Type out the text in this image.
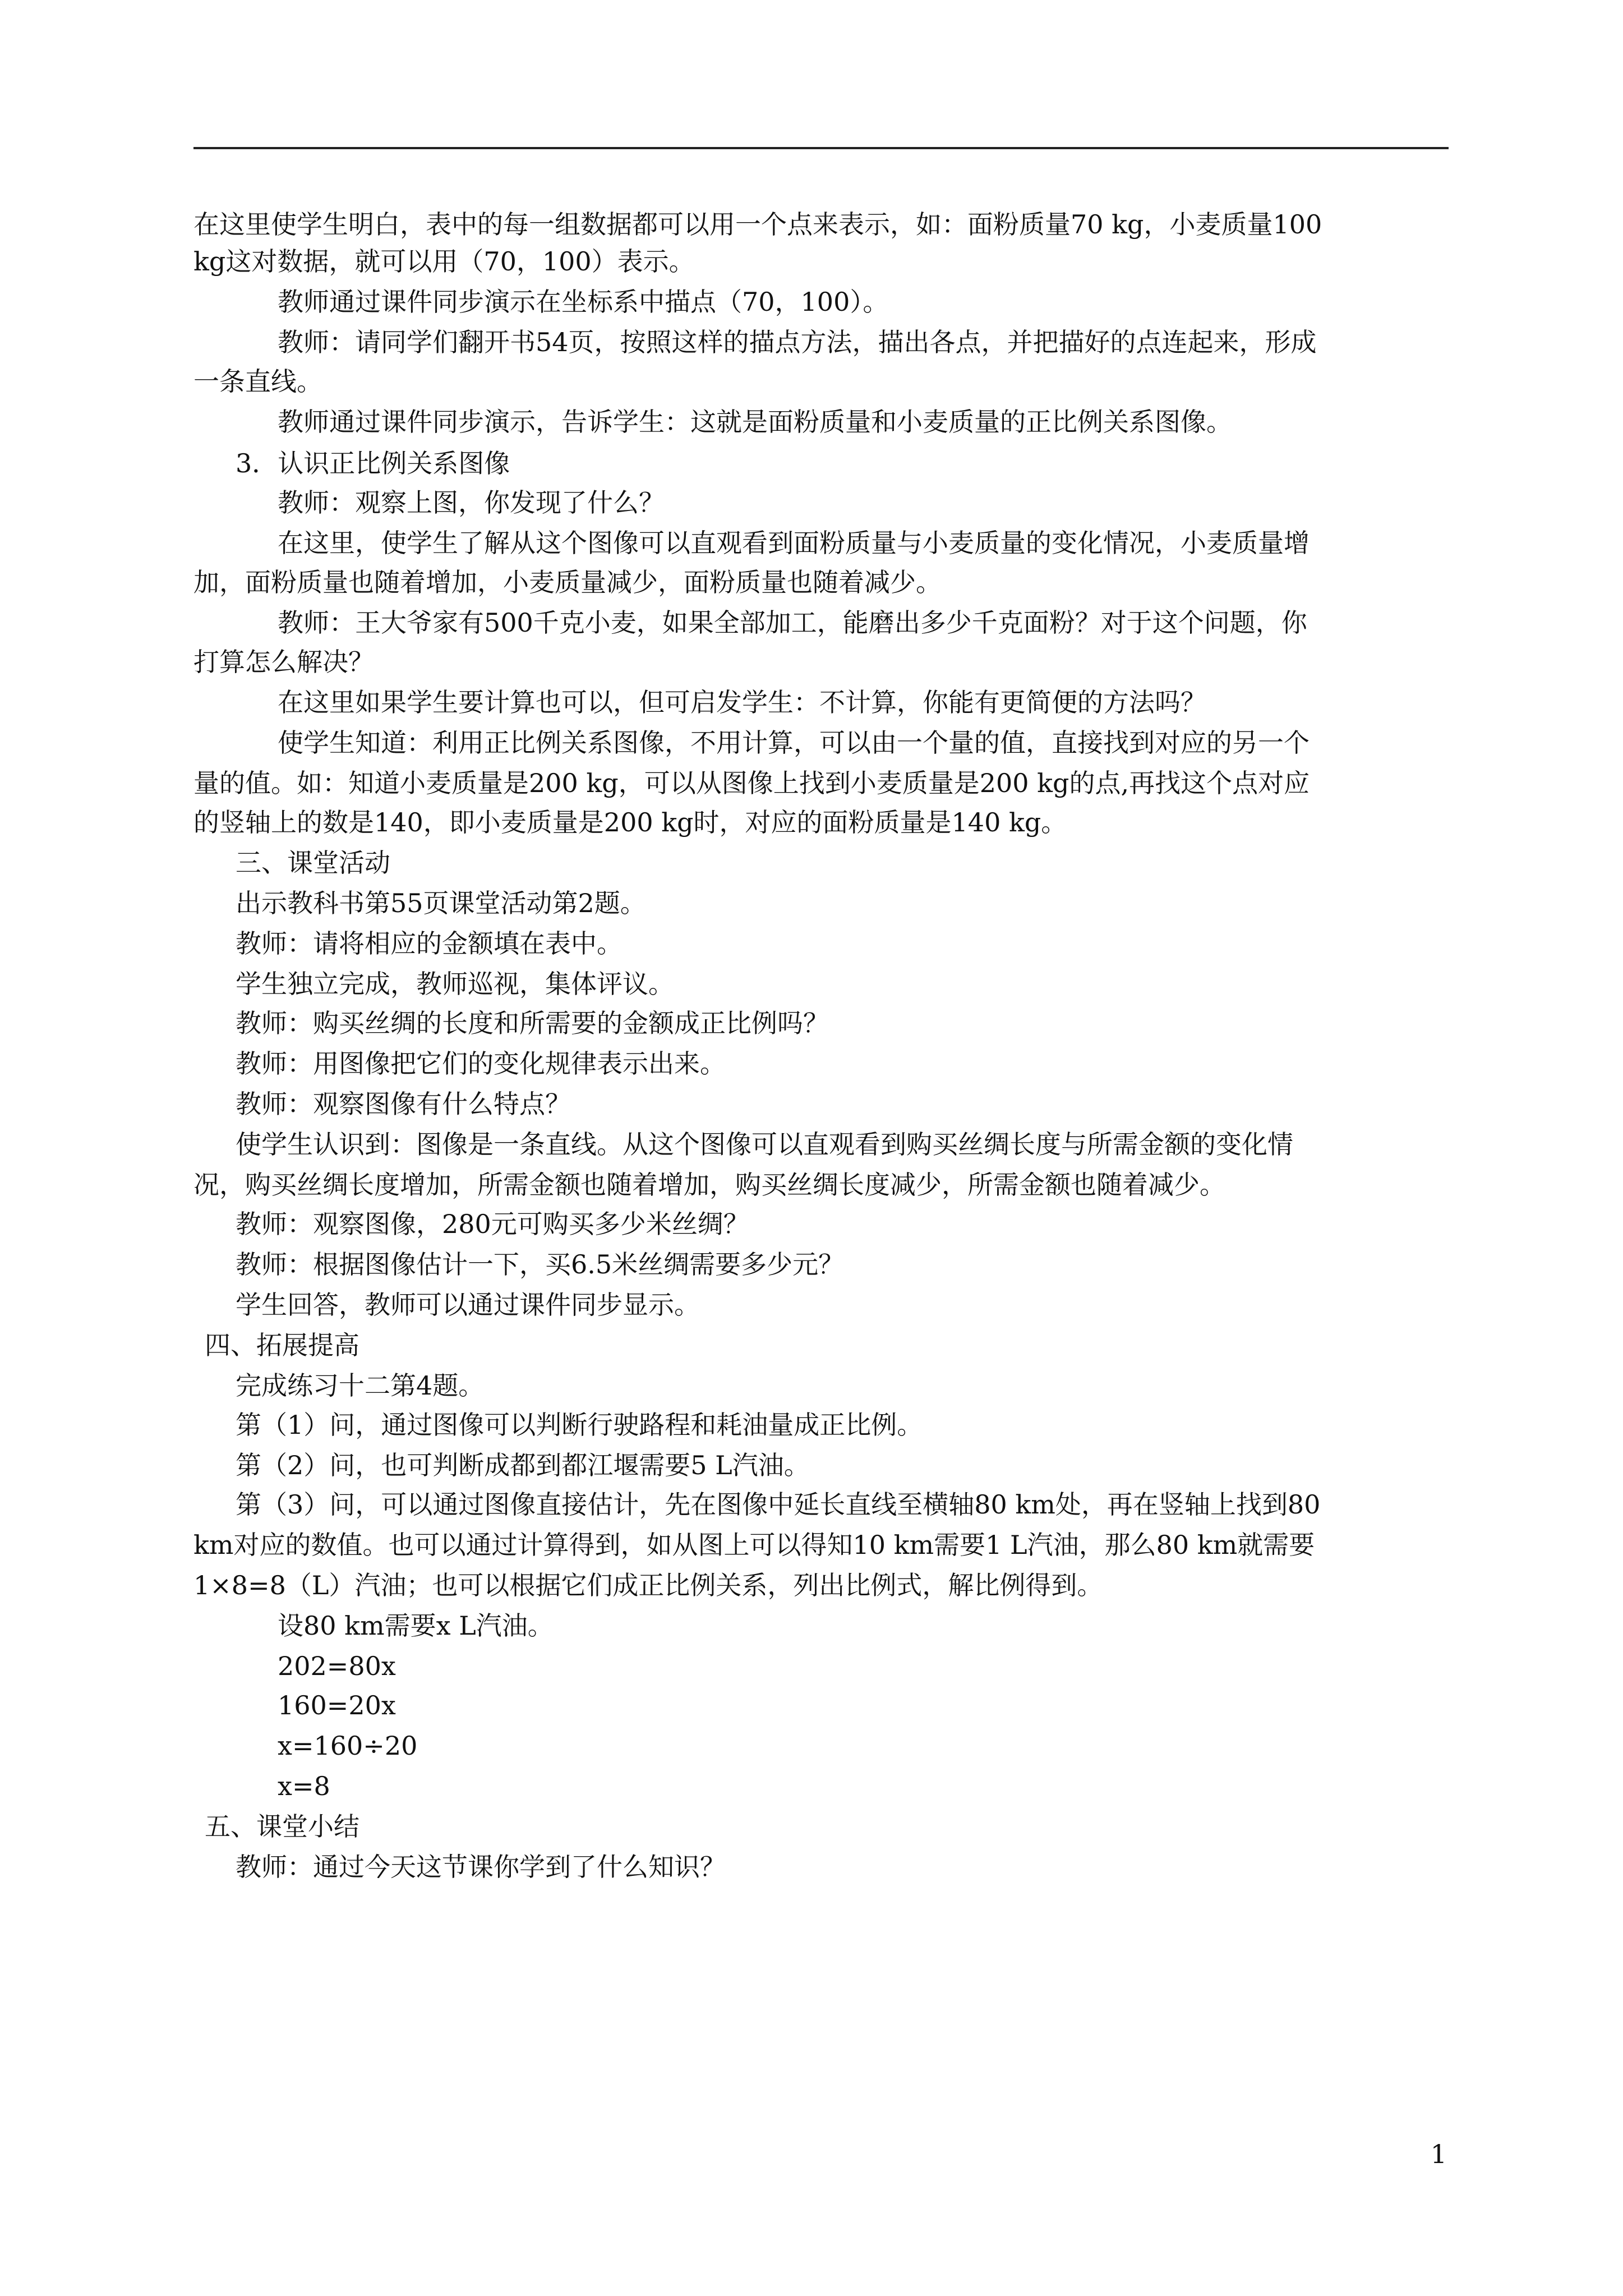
在这里使学生明白，表中的每一组数据都可以用一个点来表示，如：面粉质量70 kg，小麦质量100
kg这对数据，就可以用（70，100）表示。
教师通过课件同步演示在坐标系中描点（70，100）。
教师：请同学们翻开书54页，按照这样的描点方法，描出各点，并把描好的点连起来，形成
一条直线。
教师通过课件同步演示，告诉学生：这就是面粉质量和小麦质量的正比例关系图像。
3．认识正比例关系图像
教师：观察上图，你发现了什么？
在这里，使学生了解从这个图像可以直观看到面粉质量与小麦质量的变化情况，小麦质量增
加，面粉质量也随着增加，小麦质量减少，面粉质量也随着减少。
教师：王大爷家有500千克小麦，如果全部加工，能磨出多少千克面粉？对于这个问题，你
打算怎么解决？
在这里如果学生要计算也可以，但可启发学生：不计算，你能有更简便的方法吗？
使学生知道：利用正比例关系图像，不用计算，可以由一个量的值，直接找到对应的另一个
量的值。如：知道小麦质量是200 kg，可以从图像上找到小麦质量是200 kg的点,再找这个点对应
的竖轴上的数是140，即小麦质量是200 kg时，对应的面粉质量是140 kg。
三、课堂活动
出示教科书第55页课堂活动第2题。
教师：请将相应的金额填在表中。
学生独立完成，教师巡视，集体评议。
教师：购买丝绸的长度和所需要的金额成正比例吗？
教师：用图像把它们的变化规律表示出来。
教师：观察图像有什么特点？
使学生认识到：图像是一条直线。从这个图像可以直观看到购买丝绸长度与所需金额的变化情
况，购买丝绸长度增加，所需金额也随着增加，购买丝绸长度减少，所需金额也随着减少。
教师：观察图像，280元可购买多少米丝绸？
教师：根据图像估计一下，买6.5米丝绸需要多少元？
学生回答，教师可以通过课件同步显示。
四、拓展提高
完成练习十二第4题。
第（1）问，通过图像可以判断行驶路程和耗油量成正比例。
第（2）问，也可判断成都到都江堰需要5 L汽油。
第（3）问，可以通过图像直接估计，先在图像中延长直线至横轴80 km处，再在竖轴上找到80
km对应的数值。也可以通过计算得到，如从图上可以得知10 km需要1 L汽油，那么80 km就需要
1×8=8（L）汽油；也可以根据它们成正比例关系，列出比例式，解比例得到。
设80 km需要x L汽油。
202=80x
160=20x
x=160÷20
x=8
五、课堂小结
教师：通过今天这节课你学到了什么知识？
1
